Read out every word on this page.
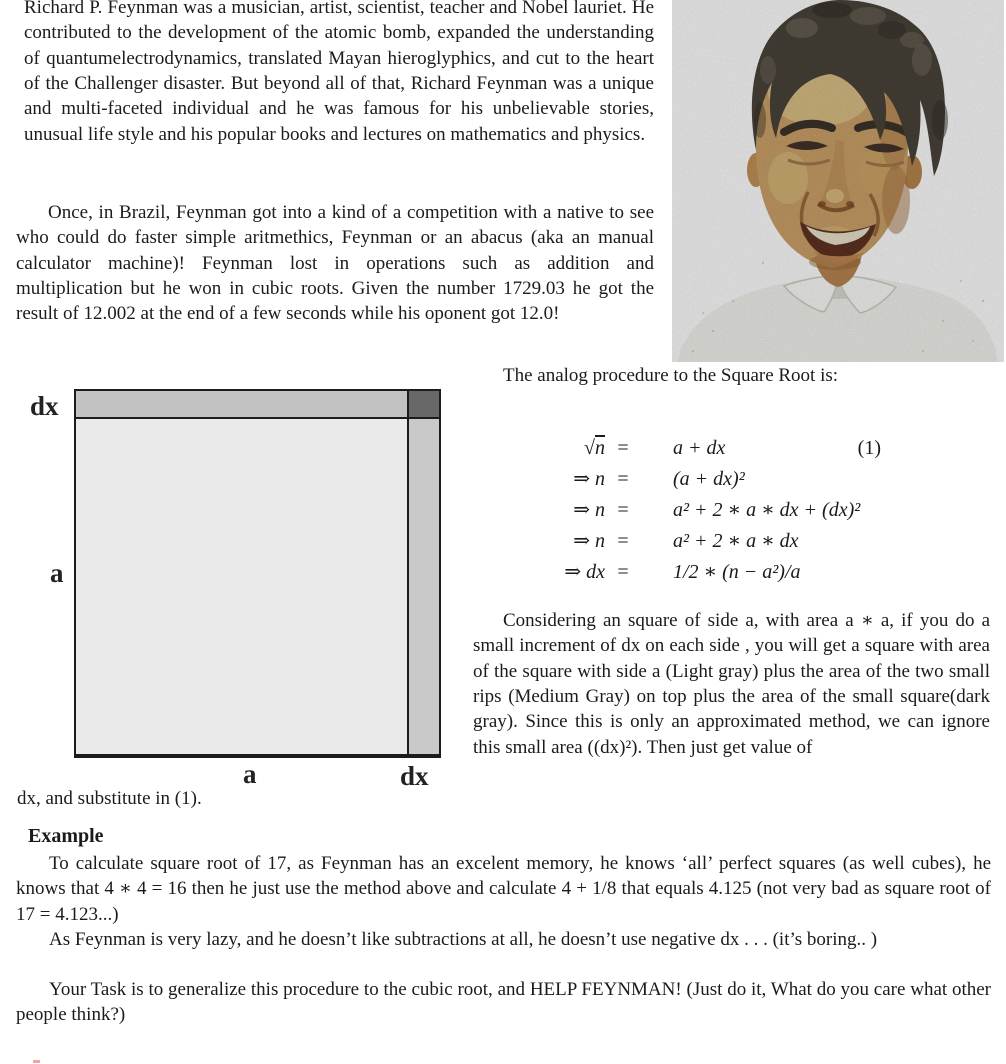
Richard P. Feynman was a musician, artist, scientist, teacher and Nobel lauriet. He contributed to the development of the atomic bomb, expanded the understanding of quantumelectrodynamics, translated Mayan hieroglyphics, and cut to the heart of the Challenger disaster. But beyond all of that, Richard Feynman was a unique and multi-faceted individual and he was famous for his unbelievable stories, unusual life style and his popular books and lectures on mathematics and physics.
Once, in Brazil, Feynman got into a kind of a competition with a native to see who could do faster simple aritmethics, Feynman or an abacus (aka an manual calculator machine)! Feynman lost in operations such as addition and multiplication but he won in cubic roots. Given the number 1729.03 he got the result of 12.002 at the end of a few seconds while his oponent got 12.0!
The analog procedure to the Square Root is:
√n =	a + dx	(1)
⇒ n =	(a + dx)²
⇒ n =	a² + 2 ∗ a ∗ dx + (dx)²
⇒ n =	a² + 2 ∗ a ∗ dx
⇒ dx =	1/2 ∗ (n − a²)/a
Considering an square of side a, with area a ∗ a, if you do a small increment of dx on each side , you will get a square with area of the square with side a (Light gray) plus the area of the two small rips (Medium Gray) on top plus the area of the small square(dark gray). Since this is only an approximated method, we can ignore this small area ((dx)²). Then just get value of
dx
a
a	dx
dx, and substitute in (1).
Example
To calculate square root of 17, as Feynman has an excelent memory, he knows ‘all’ perfect squares (as well cubes), he knows that 4 ∗ 4 = 16 then he just use the method above and calculate 4 + 1/8 that equals 4.125 (not very bad as square root of 17 = 4.123...)
As Feynman is very lazy, and he doesn’t like subtractions at all, he doesn’t use negative dx . . . (it’s boring.. )
Your Task is to generalize this procedure to the cubic root, and HELP FEYNMAN! (Just do it, What do you care what other people think?)
